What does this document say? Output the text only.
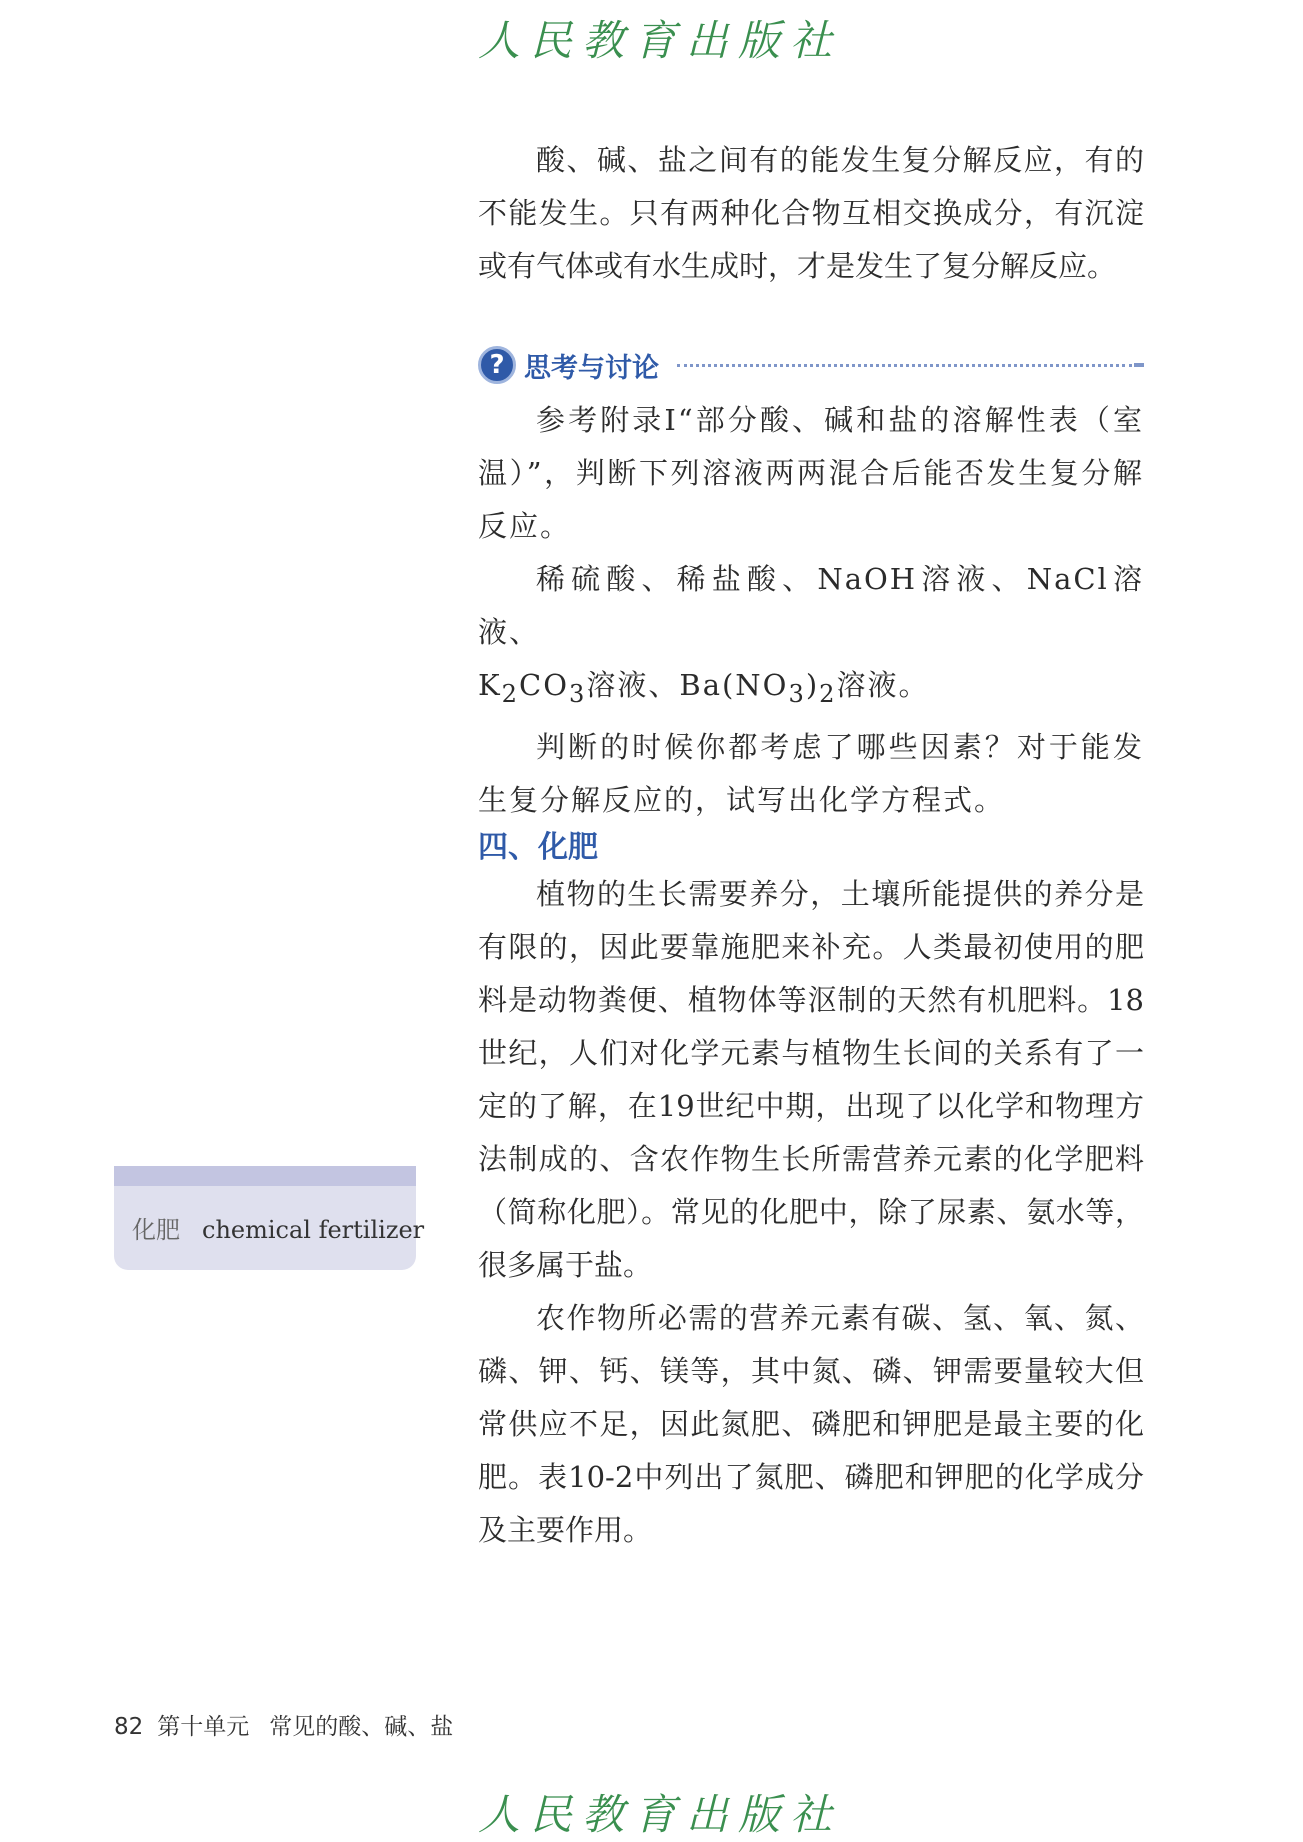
人民教育出版社

酸、碱、盐之间有的能发生复分解反应，有的不能发生。只有两种化合物互相交换成分，有沉淀或有气体或有水生成时，才是发生了复分解反应。

? 思考与讨论

参考附录I“部分酸、碱和盐的溶解性表（室温）”，判断下列溶液两两混合后能否发生复分解反应。

稀硫酸、稀盐酸、NaOH溶液、NaCl溶液、

$K_2CO_3$溶液、$Ba(NO_3)_2$溶液。

判断的时候你都考虑了哪些因素？对于能发生复分解反应的，试写出化学方程式。

四、化肥

植物的生长需要养分，土壤所能提供的养分是有限的，因此要靠施肥来补充。人类最初使用的肥料是动物粪便、植物体等沤制的天然有机肥料。18世纪，人们对化学元素与植物生长间的关系有了一定的了解，在19世纪中期，出现了以化学和物理方法制成的、含农作物生长所需营养元素的化学肥料（简称化肥）。常见的化肥中，除了尿素、氨水等，很多属于盐。

农作物所必需的营养元素有碳、氢、氧、氮、磷、钾、钙、镁等，其中氮、磷、钾需要量较大但常供应不足，因此氮肥、磷肥和钾肥是最主要的化肥。表10-2中列出了氮肥、磷肥和钾肥的化学成分及主要作用。

化肥 chemical fertilizer
82 第十单元 常见的酸、碱、盐
人民教育出版社
